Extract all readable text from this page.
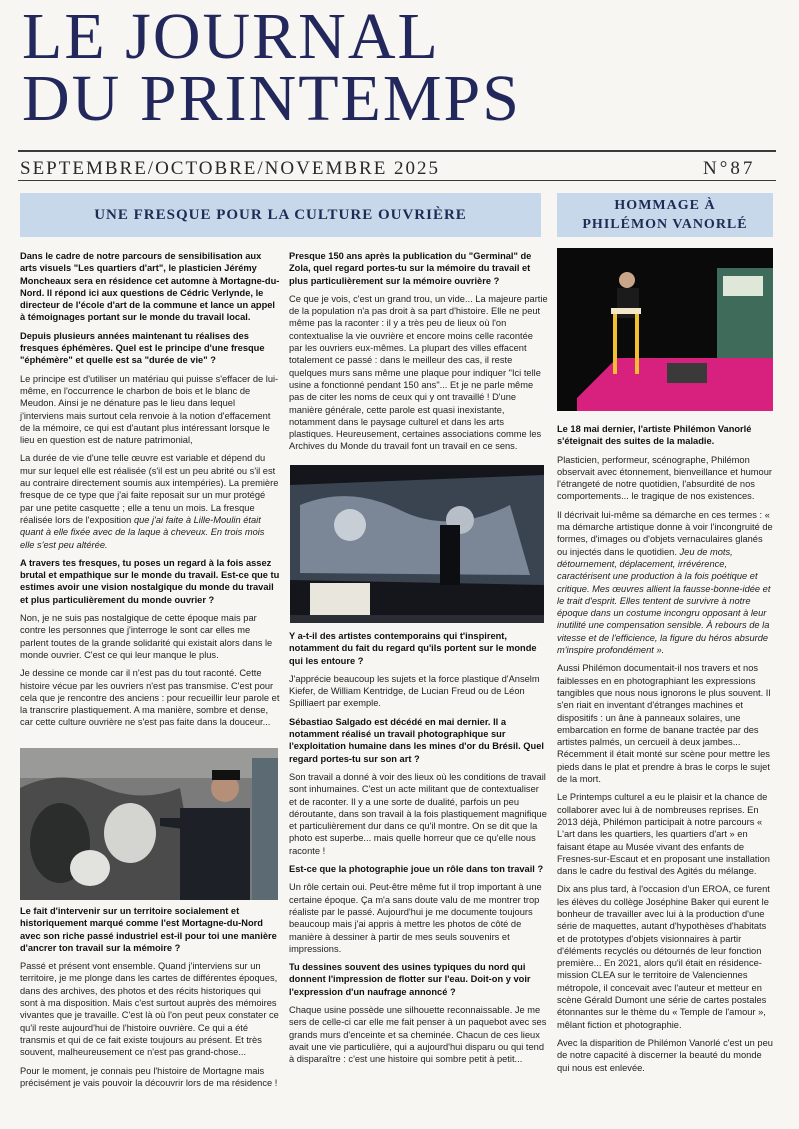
LE JOURNAL
DU PRINTEMPS
SEPTEMBRE/OCTOBRE/NOVEMBRE 2025	N°87
UNE FRESQUE POUR LA CULTURE OUVRIÈRE
HOMMAGE À
PHILÉMON VANORLÉ

Dans le cadre de notre parcours de sensibilisation aux arts visuels "Les quartiers d'art", le plasticien Jérémy Moncheaux sera en résidence cet automne à Mortagne-du-Nord. Il répond ici aux questions de Cédric Verlynde, le directeur de l'école d'art de la commune et lance un appel à témoignages portant sur le monde du travail local.

Depuis plusieurs années maintenant tu réalises des fresques éphémères. Quel est le principe d'une fresque "éphémère" et quelle est sa "durée de vie" ?

Le principe est d'utiliser un matériau qui puisse s'effacer de lui-même, en l'occurrence le charbon de bois et le blanc de Meudon. Ainsi je ne dénature pas le lieu dans lequel j'interviens mais surtout cela renvoie à la notion d'effacement de la mémoire, ce qui est d'autant plus intéressant lorsque le lieu en question est de nature patrimonial,

La durée de vie d'une telle œuvre est variable et dépend du mur sur lequel elle est réalisée (s'il est un peu abrité ou s'il est au contraire directement soumis aux intempéries). La première fresque de ce type que j'ai faite reposait sur un mur protégé par une petite casquette ; elle a tenu un mois. La fresque réalisée lors de l'exposition que j'ai faite à Lille-Moulin était quant à elle fixée avec de la laque à cheveux. En trois mois elle s'est peu altérée.

A travers tes fresques, tu poses un regard à la fois assez brutal et empathique sur le monde du travail. Est-ce que tu estimes avoir une vision nostalgique du monde du travail et plus particulièrement du monde ouvrier ?

Non, je ne suis pas nostalgique de cette époque mais par contre les personnes que j'interroge le sont car elles me parlent toutes de la grande solidarité qui existait alors dans le monde ouvrier. C'est ce qui leur manque le plus.

Je dessine ce monde car il n'est pas du tout raconté. Cette histoire vécue par les ouvriers n'est pas transmise. C'est pour cela que je rencontre des anciens : pour recueillir leur parole et la transcrire plastiquement. A ma manière, sombre et dense, car cette culture ouvrière ne s'est pas faite dans la douceur...

Le fait d'intervenir sur un territoire socialement et historiquement marqué comme l'est Mortagne-du-Nord avec son riche passé industriel est-il pour toi une manière d'ancrer ton travail sur la mémoire ?

Passé et présent vont ensemble. Quand j'interviens sur un territoire, je me plonge dans les cartes de différentes époques, dans des archives, des photos et des récits historiques qui sont à ma disposition. Mais c'est surtout auprès des mémoires vivantes que je travaille. C'est là où l'on peut peux constater ce qu'il reste aujourd'hui de l'histoire ouvrière. Ce qui a été transmis et qui de ce fait existe toujours au présent. Et très souvent, malheureusement ce n'est pas grand-chose...

Pour le moment, je connais peu l'histoire de Mortagne mais précisément je vais pouvoir la découvrir lors de ma résidence !

Presque 150 ans après la publication du "Germinal" de Zola, quel regard portes-tu sur la mémoire du travail et plus particulièrement sur la mémoire ouvrière ?

Ce que je vois, c'est un grand trou, un vide... La majeure partie de la population n'a pas droit à sa part d'histoire. Elle ne peut même pas la raconter : il y a très peu de lieux où l'on contextualise la vie ouvrière et encore moins celle racontée par les ouvriers eux-mêmes. La plupart des villes effacent totalement ce passé : dans le meilleur des cas, il reste quelques murs sans même une plaque pour indiquer "Ici telle usine a fonctionné pendant 150 ans"... Et je ne parle même pas de citer les noms de ceux qui y ont travaillé ! D'une manière générale, cette parole est quasi inexistante, notamment dans le paysage culturel et dans les arts plastiques. Heureusement, certaines associations comme les Archives du Monde du travail font un travail en ce sens.

Y a-t-il des artistes contemporains qui t'inspirent, notamment du fait du regard qu'ils portent sur le monde qui les entoure ?

J'apprécie beaucoup les sujets et la force plastique d'Anselm Kiefer, de William Kentridge, de Lucian Freud ou de Léon Spilliaert par exemple.

Sébastiao Salgado est décédé en mai dernier. Il a notamment réalisé un travail photographique sur l'exploitation humaine dans les mines d'or du Brésil. Quel regard portes-tu sur son art ?

Son travail a donné à voir des lieux où les conditions de travail sont inhumaines. C'est un acte militant que de contextualiser et de raconter. Il y a une sorte de dualité, parfois un peu déroutante, dans son travail à la fois plastiquement magnifique et particulièrement dur dans ce qu'il montre. On se dit que la photo est superbe... mais quelle horreur que ce qu'elle nous raconte !

Est-ce que la photographie joue un rôle dans ton travail ?

Un rôle certain oui. Peut-être même fut il trop important à une certaine époque. Ça m'a sans doute valu de me montrer trop réaliste par le passé. Aujourd'hui je me documente toujours beaucoup mais j'ai appris à mettre les photos de côté de manière à dessiner à partir de mes seuls souvenirs et impressions.

Tu dessines souvent des usines typiques du nord qui donnent l'impression de flotter sur l'eau. Doit-on y voir l'expression d'un naufrage annoncé ?

Chaque usine possède une silhouette reconnaissable. Je me sers de celle-ci car elle me fait penser à un paquebot avec ses grands murs d'enceinte et sa cheminée. Chacun de ces lieux avait une vie particulière, qui a aujourd'hui disparu ou qui tend à disparaître : c'est une histoire qui sombre petit à petit...

Le 18 mai dernier, l'artiste Philémon Vanorlé s'éteignait des suites de la maladie.

Plasticien, performeur, scénographe, Philémon observait avec étonnement, bienveillance et humour l'étrangeté de notre quotidien, l'absurdité de nos comportements... le tragique de nos existences.

Il décrivait lui-même sa démarche en ces termes : « ma démarche artistique donne à voir l'incongruité de formes, d'images ou d'objets vernaculaires glanés ou injectés dans le quotidien. Jeu de mots, détournement, déplacement, irrévérence, caractérisent une production à la fois poétique et critique. Mes œuvres allient la fausse-bonne-idée et le trait d'esprit. Elles tentent de survivre à notre époque dans un costume incongru opposant à leur inutilité une compensation sensible. À rebours de la vitesse et de l'efficience, la figure du héros absurde m'inspire profondément ».

Aussi Philémon documentait-il nos travers et nos faiblesses en en photographiant les expressions tangibles que nous nous ignorons le plus souvent. Il s'en riait en inventant d'étranges machines et dispositifs : un âne à panneaux solaires, une embarcation en forme de banane tractée par des artistes palmés, un cercueil à deux jambes... Récemment il était monté sur scène pour mettre les pieds dans le plat et prendre à bras le corps le sujet de la mort.

Le Printemps culturel a eu le plaisir et la chance de collaborer avec lui à de nombreuses reprises. En 2013 déjà, Philémon participait à notre parcours « L'art dans les quartiers, les quartiers d'art » en faisant étape au Musée vivant des enfants de Fresnes-sur-Escaut et en proposant une installation dans le cadre du festival des Agités du mélange.

Dix ans plus tard, à l'occasion d'un EROA, ce furent les élèves du collège Joséphine Baker qui eurent le bonheur de travailler avec lui à la production d'une série de maquettes, autant d'hypothèses d'habitats et de prototypes d'objets visionnaires à partir d'éléments recyclés ou détournés de leur fonction première... En 2021, alors qu'il était en résidence-mission CLEA sur le territoire de Valenciennes métropole, il concevait avec l'auteur et metteur en scène Gérald Dumont une série de cartes postales étonnantes sur le thème du « Temple de l'amour », mêlant fiction et photographie.

Avec la disparition de Philémon Vanorlé c'est un peu de notre capacité à discerner la beauté du monde qui nous est enlevée.
